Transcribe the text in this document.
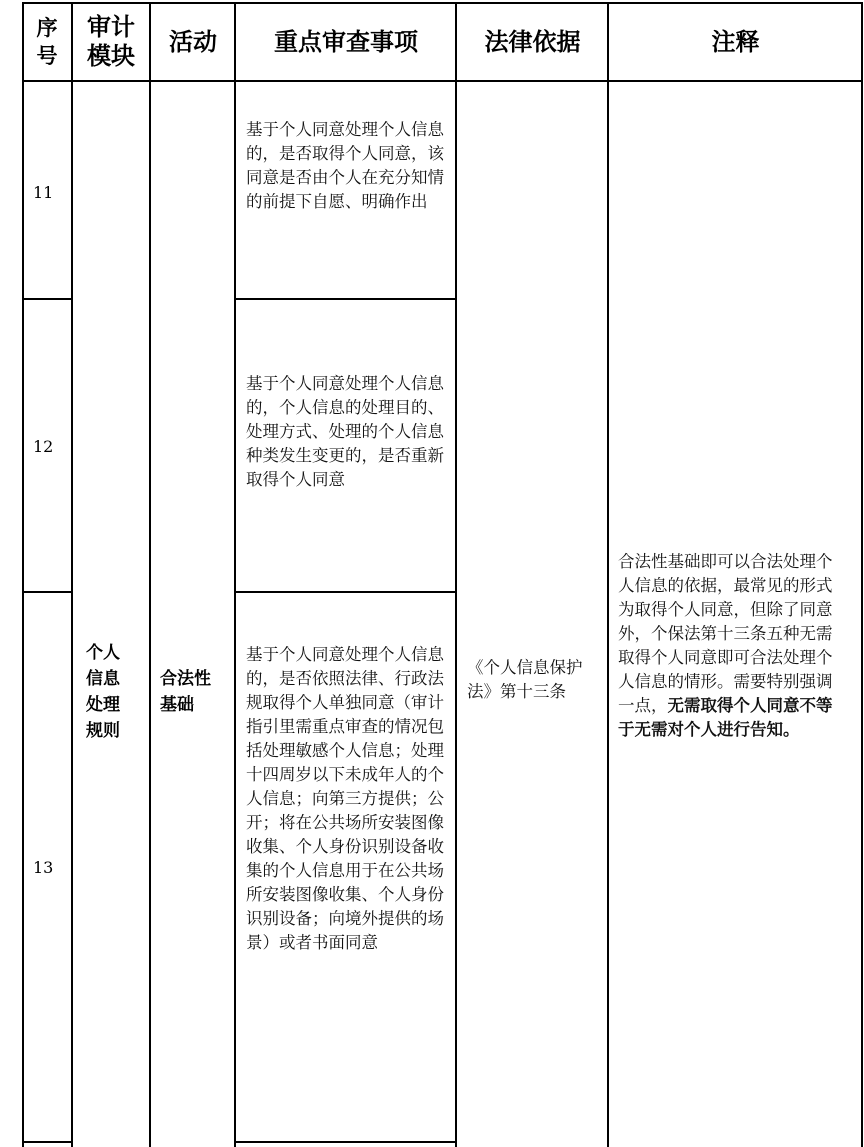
序号
审计模块
活动 重点审查事项	法律依据	注释
11
12
13
个人信息处理规则
合法性基础
基于个人同意处理个人信息的，是否取得个人同意，该同意是否由个人在充分知情的前提下自愿、明确作出
基于个人同意处理个人信息的，个人信息的处理目的、处理方式、处理的个人信息种类发生变更的，是否重新取得个人同意
基于个人同意处理个人信息的，是否依照法律、行政法规取得个人单独同意（审计指引里需重点审查的情况包括处理敏感个人信息；处理十四周岁以下未成年人的个人信息；向第三方提供；公开；将在公共场所安装图像收集、个人身份识别设备收集的个人信息用于在公共场所安装图像收集、个人身份识别设备；向境外提供的场景）或者书面同意
《个人信息保护法》第十三条
合法性基础即可以合法处理个人信息的依据，最常见的形式为取得个人同意，但除了同意外，个保法第十三条五种无需取得个人同意即可合法处理个人信息的情形。需要特别强调一点，无需取得个人同意不等于无需对个人进行告知。
